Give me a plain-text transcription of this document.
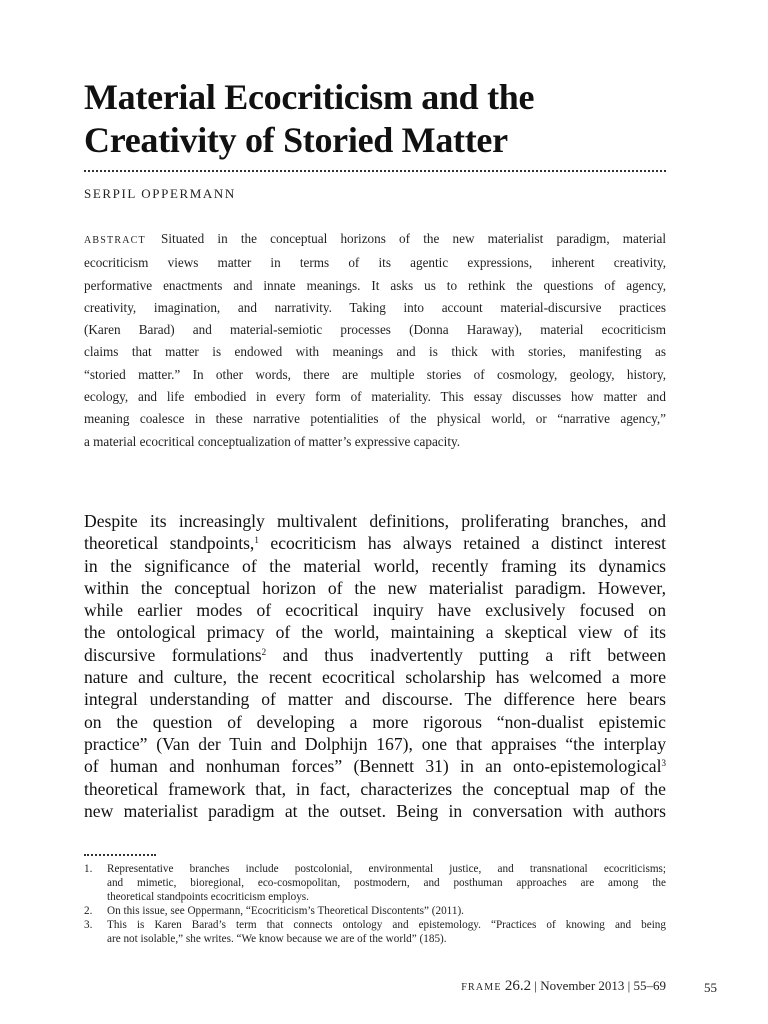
Material Ecocriticism and the
Creativity of Storied Matter
SERPIL OPPERMANN

ABSTRACT Situated in the conceptual horizons of the new materialist paradigm, material
ecocriticism views matter in terms of its agentic expressions, inherent creativity,
performative enactments and innate meanings. It asks us to rethink the questions of agency,
creativity, imagination, and narrativity. Taking into account material-discursive practices
(Karen Barad) and material-semiotic processes (Donna Haraway), material ecocriticism
claims that matter is endowed with meanings and is thick with stories, manifesting as
“storied matter.” In other words, there are multiple stories of cosmology, geology, history,
ecology, and life embodied in every form of materiality. This essay discusses how matter and
meaning coalesce in these narrative potentialities of the physical world, or “narrative agency,”
a material ecocritical conceptualization of matter’s expressive capacity.

Despite its increasingly multivalent definitions, proliferating branches, and
theoretical standpoints,$^1$ ecocriticism has always retained a distinct interest
in the significance of the material world, recently framing its dynamics
within the conceptual horizon of the new materialist paradigm. However,
while earlier modes of ecocritical inquiry have exclusively focused on
the ontological primacy of the world, maintaining a skeptical view of its
discursive formulations$^2$ and thus inadvertently putting a rift between
nature and culture, the recent ecocritical scholarship has welcomed a more
integral understanding of matter and discourse. The difference here bears
on the question of developing a more rigorous “non-dualist epistemic
practice” (Van der Tuin and Dolphijn 167), one that appraises “the interplay
of human and nonhuman forces” (Bennett 31) in an onto-epistemological$^3$
theoretical framework that, in fact, characterizes the conceptual map of the
new materialist paradigm at the outset. Being in conversation with authors

1. Representative branches include postcolonial, environmental justice, and transnational ecocriticisms;
and mimetic, bioregional, eco-cosmopolitan, postmodern, and posthuman approaches are among the
theoretical standpoints ecocriticism employs.
2. On this issue, see Oppermann, “Ecocriticism’s Theoretical Discontents” (2011).
3. This is Karen Barad’s term that connects ontology and epistemology. “Practices of knowing and being
are not isolable,” she writes. “We know because we are of the world” (185).
FRAME 26.2 | November 2013 | 55–69	55
